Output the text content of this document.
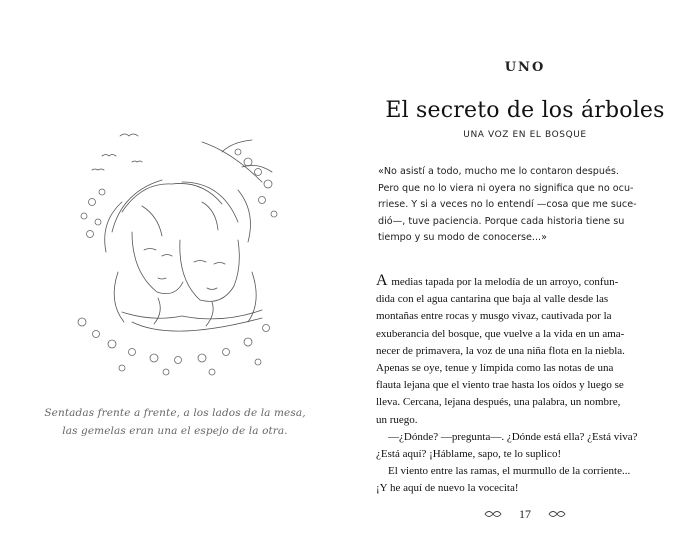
Sentadas frente a frente, a los lados de la mesa,
las gemelas eran una el espejo de la otra.
UNO
El secreto de los árboles
UNA VOZ EN EL BOSQUE
«No asistí a todo, mucho me lo contaron después.
Pero que no lo viera ni oyera no significa que no ocu-
rriese. Y si a veces no lo entendí —cosa que me suce-
dió—, tuve paciencia. Porque cada historia tiene su
tiempo y su modo de conocerse...»
A medias tapada por la melodía de un arroyo, confun-
dida con el agua cantarina que baja al valle desde las
montañas entre rocas y musgo vivaz, cautivada por la
exuberancia del bosque, que vuelve a la vida en un ama-
necer de primavera, la voz de una niña flota en la niebla.
Apenas se oye, tenue y límpida como las notas de una
flauta lejana que el viento trae hasta los oídos y luego se
lleva. Cercana, lejana después, una palabra, un nombre,
un ruego.
—¿Dónde? —pregunta—. ¿Dónde está ella? ¿Está viva?
¿Está aquí? ¡Háblame, sapo, te lo suplico!
El viento entre las ramas, el murmullo de la corriente...
¡Y he aquí de nuevo la vocecita!
17
